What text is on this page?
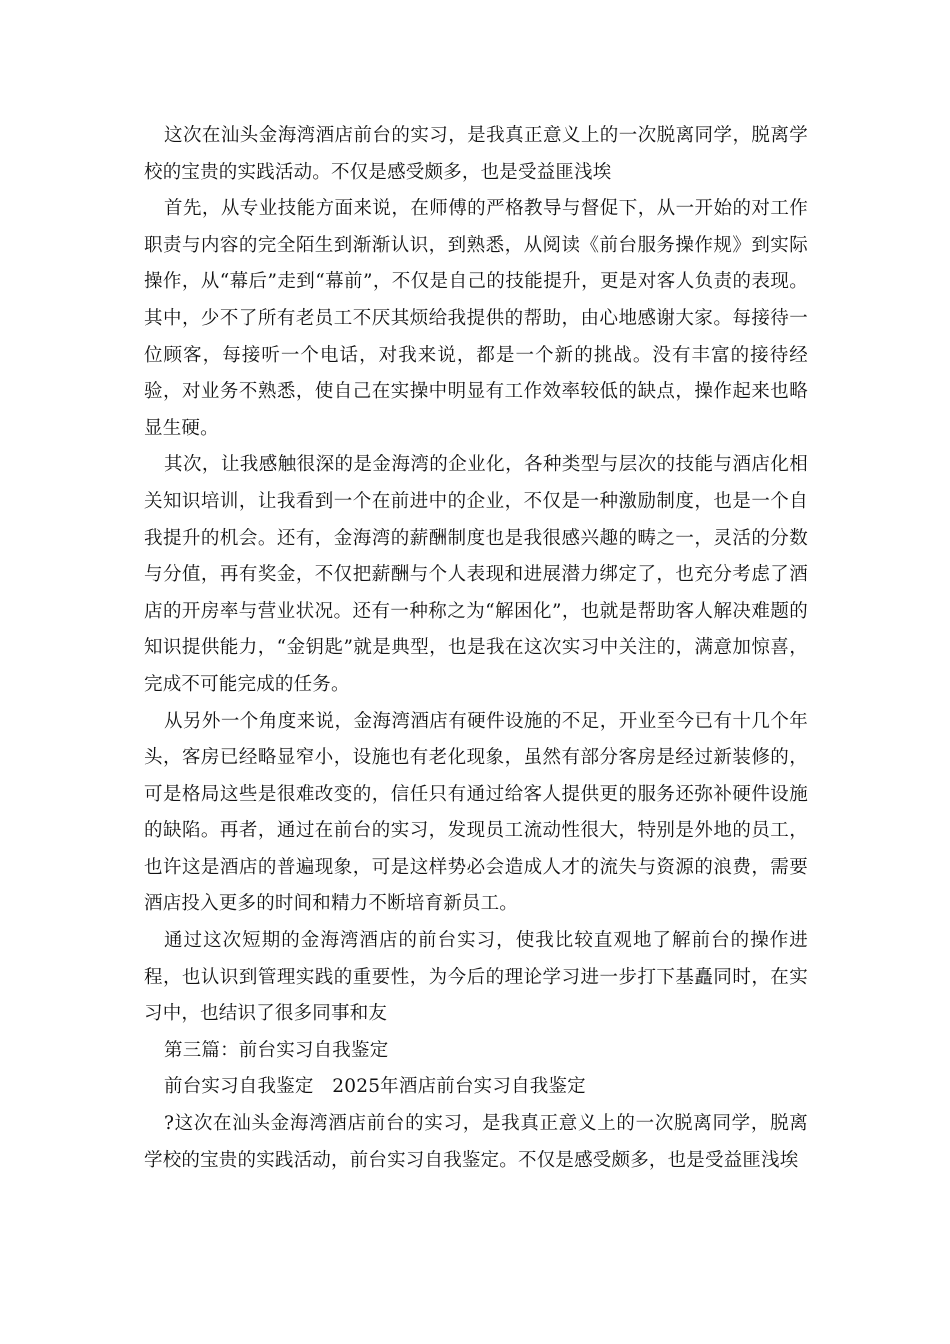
这次在汕头金海湾酒店前台的实习，是我真正意义上的一次脱离同学，脱离学校的宝贵的实践活动。不仅是感受颇多，也是受益匪浅埃

首先，从专业技能方面来说，在师傅的严格教导与督促下，从一开始的对工作职责与内容的完全陌生到渐渐认识，到熟悉，从阅读《前台服务操作规》到实际操作，从“幕后”走到“幕前”，不仅是自己的技能提升，更是对客人负责的表现。其中，少不了所有老员工不厌其烦给我提供的帮助，由心地感谢大家。每接待一位顾客，每接听一个电话，对我来说，都是一个新的挑战。没有丰富的接待经验，对业务不熟悉，使自己在实操中明显有工作效率较低的缺点，操作起来也略显生硬。

其次，让我感触很深的是金海湾的企业化，各种类型与层次的技能与酒店化相关知识培训，让我看到一个在前进中的企业，不仅是一种激励制度，也是一个自我提升的机会。还有，金海湾的薪酬制度也是我很感兴趣的畴之一，灵活的分数与分值，再有奖金，不仅把薪酬与个人表现和进展潜力绑定了，也充分考虑了酒店的开房率与营业状况。还有一种称之为“解困化”，也就是帮助客人解决难题的知识提供能力，“金钥匙”就是典型，也是我在这次实习中关注的，满意加惊喜，完成不可能完成的任务。

从另外一个角度来说，金海湾酒店有硬件设施的不足，开业至今已有十几个年头，客房已经略显窄小，设施也有老化现象，虽然有部分客房是经过新装修的，可是格局这些是很难改变的，信任只有通过给客人提供更的服务还弥补硬件设施的缺陷。再者，通过在前台的实习，发现员工流动性很大，特别是外地的员工，也许这是酒店的普遍现象，可是这样势必会造成人才的流失与资源的浪费，需要酒店投入更多的时间和精力不断培育新员工。

通过这次短期的金海湾酒店的前台实习，使我比较直观地了解前台的操作进程，也认识到管理实践的重要性，为今后的理论学习进一步打下基矗同时，在实习中，也结识了很多同事和友

第三篇：前台实习自我鉴定

前台实习自我鉴定　2025年酒店前台实习自我鉴定

?这次在汕头金海湾酒店前台的实习，是我真正意义上的一次脱离同学，脱离学校的宝贵的实践活动，前台实习自我鉴定。不仅是感受颇多，也是受益匪浅埃
